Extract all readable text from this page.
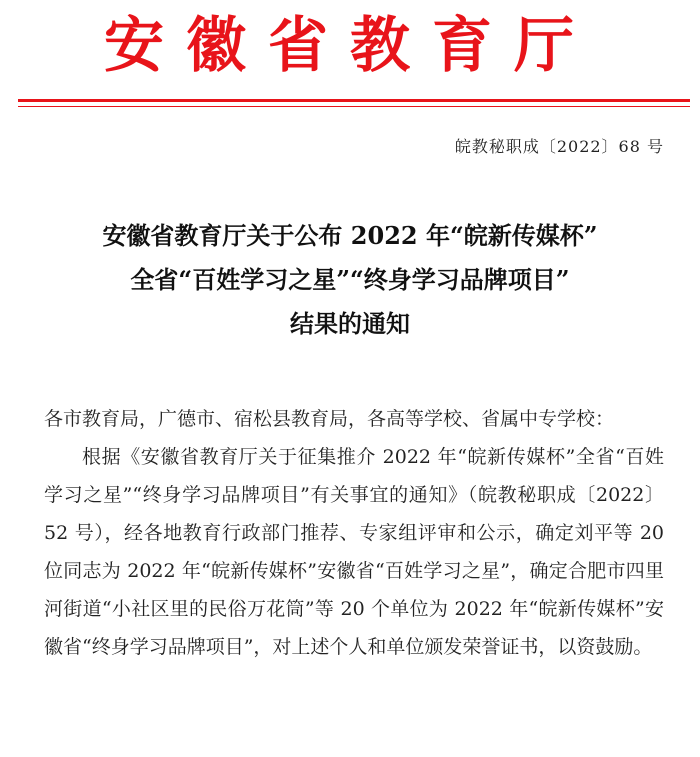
安徽省教育厅
皖教秘职成〔2022〕68 号
安徽省教育厅关于公布 2022 年“皖新传媒杯”
全省“百姓学习之星”“终身学习品牌项目”
结果的通知

各市教育局，广德市、宿松县教育局，各高等学校、省属中专学校：

根据《安徽省教育厅关于征集推介 2022 年“皖新传媒杯”全省“百姓学习之星”“终身学习品牌项目”有关事宜的通知》（皖教秘职成〔2022〕52 号），经各地教育行政部门推荐、专家组评审和公示，确定刘平等 20 位同志为 2022 年“皖新传媒杯”安徽省“百姓学习之星”，确定合肥市四里河街道“小社区里的民俗万花筒”等 20 个单位为 2022 年“皖新传媒杯”安徽省“终身学习品牌项目”，对上述个人和单位颁发荣誉证书，以资鼓励。
